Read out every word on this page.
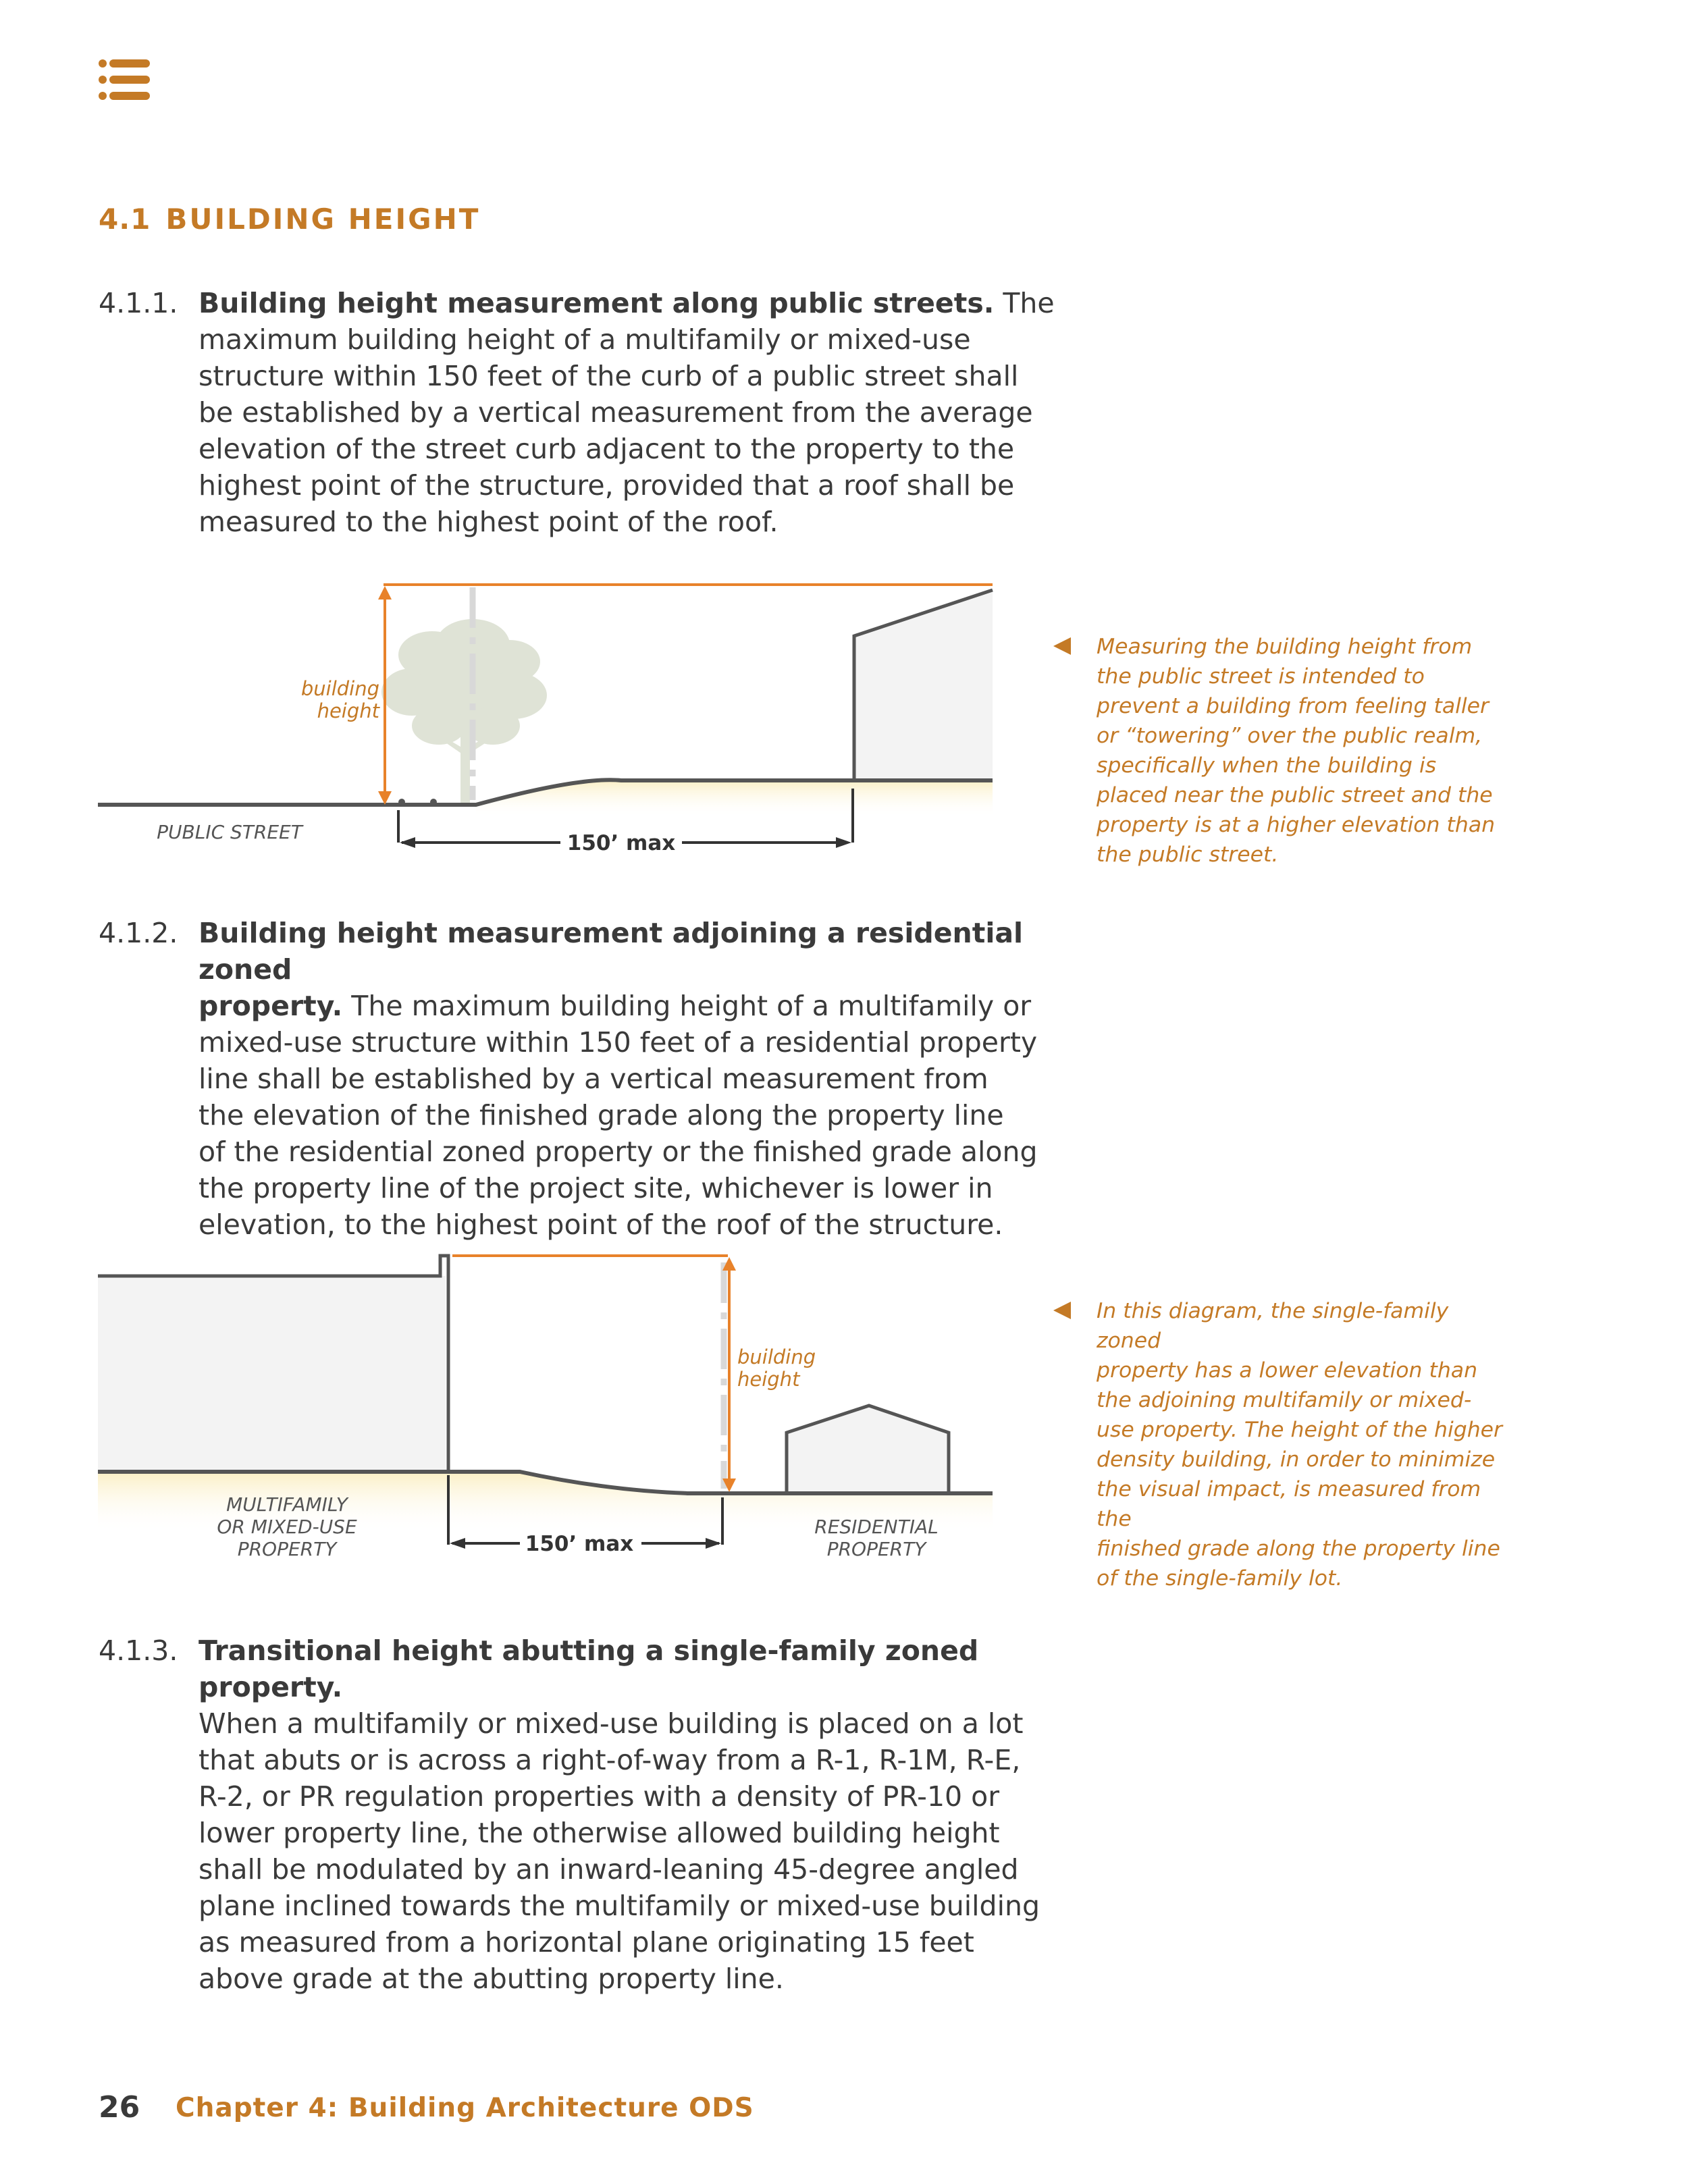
4.1 BUILDING HEIGHT
4.1.1. Building height measurement along public streets. The
maximum building height of a multifamily or mixed-use
structure within 150 feet of the curb of a public street shall
be established by a vertical measurement from the average
elevation of the street curb adjacent to the property to the
highest point of the structure, provided that a roof shall be
measured to the highest point of the roof.
building
height
PUBLIC STREET	150’ max
Measuring the building height from
the public street is intended to
prevent a building from feeling taller
or “towering” over the public realm,
specifically when the building is
placed near the public street and the
property is at a higher elevation than
the public street.
4.1.2. Building height measurement adjoining a residential zoned
property. The maximum building height of a multifamily or
mixed-use structure within 150 feet of a residential property
line shall be established by a vertical measurement from
the elevation of the finished grade along the property line
of the residential zoned property or the finished grade along
the property line of the project site, whichever is lower in
elevation, to the highest point of the roof of the structure.
building
height
MULTIFAMILY
OR MIXED-USE
PROPERTY
RESIDENTIAL
PROPERTY
150’ max
In this diagram, the single-family zoned
property has a lower elevation than
the adjoining multifamily or mixed-
use property. The height of the higher
density building, in order to minimize
the visual impact, is measured from the
finished grade along the property line
of the single-family lot.
4.1.3. Transitional height abutting a single-family zoned property.
When a multifamily or mixed-use building is placed on a lot
that abuts or is across a right-of-way from a R-1, R-1M, R-E,
R-2, or PR regulation properties with a density of PR-10 or
lower property line, the otherwise allowed building height
shall be modulated by an inward-leaning 45-degree angled
plane inclined towards the multifamily or mixed-use building
as measured from a horizontal plane originating 15 feet
above grade at the abutting property line.
26 Chapter 4: Building Architecture ODS
